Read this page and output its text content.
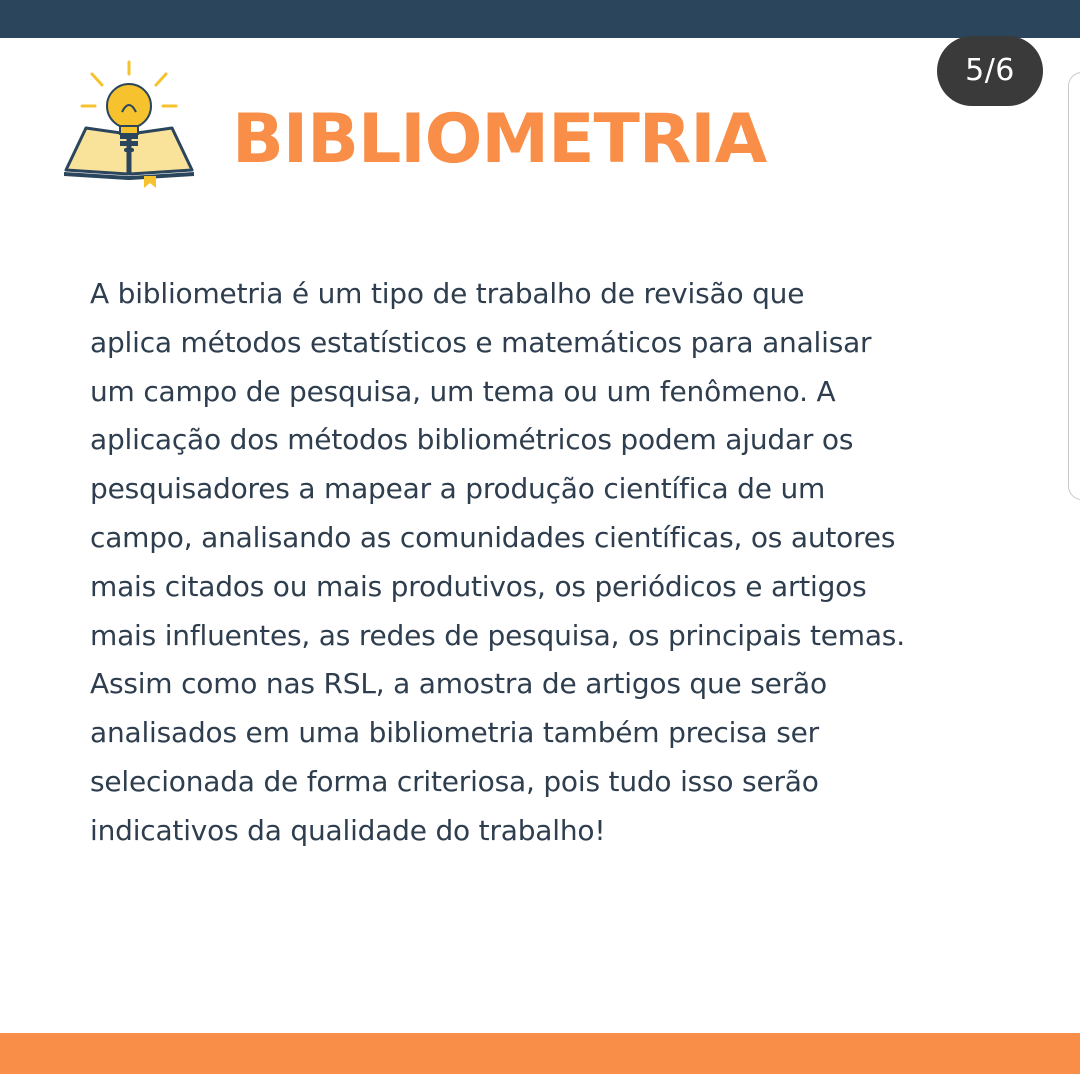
5/6
BIBLIOMETRIA

A bibliometria é um tipo de trabalho de revisão que
aplica métodos estatísticos e matemáticos para analisar
um campo de pesquisa, um tema ou um fenômeno. A
aplicação dos métodos bibliométricos podem ajudar os
pesquisadores a mapear a produção científica de um
campo, analisando as comunidades científicas, os autores
mais citados ou mais produtivos, os periódicos e artigos
mais influentes, as redes de pesquisa, os principais temas.
Assim como nas RSL, a amostra de artigos que serão
analisados em uma bibliometria também precisa ser
selecionada de forma criteriosa, pois tudo isso serão
indicativos da qualidade do trabalho!
